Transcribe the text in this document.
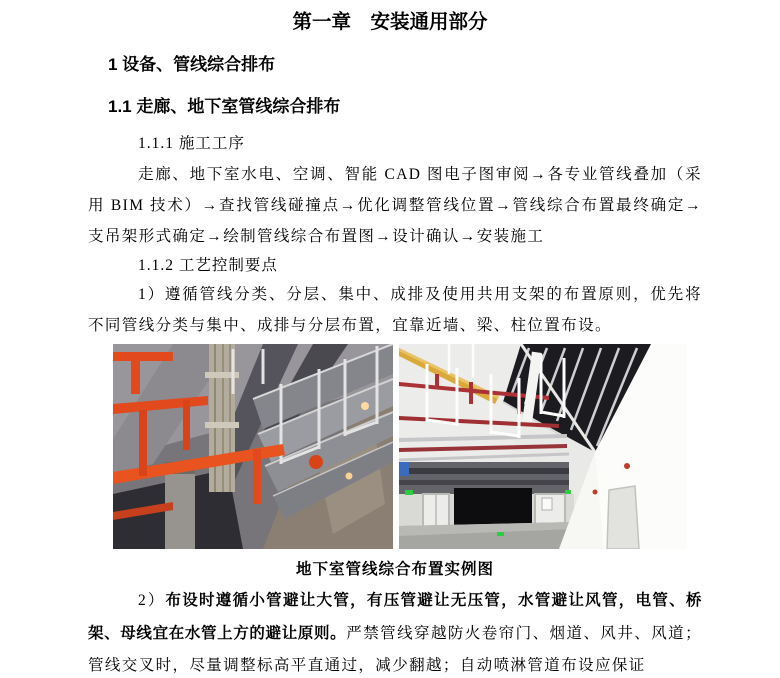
第一章　安装通用部分
1 设备、管线综合排布
1.1 走廊、地下室管线综合排布
1.1.1 施工工序

走廊、地下室水电、空调、智能 CAD 图电子图审阅→各专业管线叠加（采用 BIM 技术）→查找管线碰撞点→优化调整管线位置→管线综合布置最终确定→支吊架形式确定→绘制管线综合布置图→设计确认→安装施工

1.1.2 工艺控制要点

1）遵循管线分类、分层、集中、成排及使用共用支架的布置原则，优先将不同管线分类与集中、成排与分层布置，宜靠近墙、梁、柱位置布设。

地下室管线综合布置实例图

2）布设时遵循小管避让大管，有压管避让无压管，水管避让风管，电管、桥架、母线宜在水管上方的避让原则。严禁管线穿越防火卷帘门、烟道、风井、风道；管线交叉时，尽量调整标高平直通过，减少翻越；自动喷淋管道布设应保证
